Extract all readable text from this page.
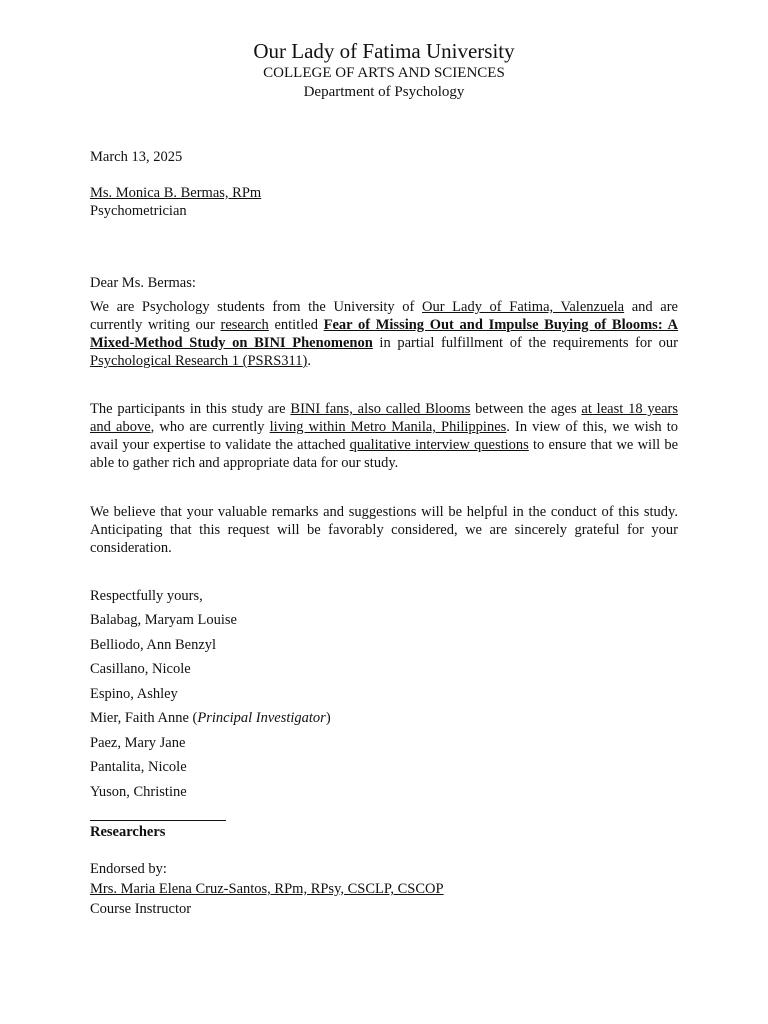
Our Lady of Fatima University
COLLEGE OF ARTS AND SCIENCES
Department of Psychology
March 13, 2025
Ms. Monica B. Bermas, RPm
Psychometrician
Dear Ms. Bermas:
We are Psychology students from the University of Our Lady of Fatima, Valenzuela and are currently writing our research entitled Fear of Missing Out and Impulse Buying of Blooms: A Mixed-Method Study on BINI Phenomenon in partial fulfillment of the requirements for our Psychological Research 1 (PSRS311).
The participants in this study are BINI fans, also called Blooms between the ages at least 18 years and above, who are currently living within Metro Manila, Philippines. In view of this, we wish to avail your expertise to validate the attached qualitative interview questions to ensure that we will be able to gather rich and appropriate data for our study.
We believe that your valuable remarks and suggestions will be helpful in the conduct of this study. Anticipating that this request will be favorably considered, we are sincerely grateful for your consideration.
Respectfully yours,
Balabag, Maryam Louise
Belliodo, Ann Benzyl
Casillano, Nicole
Espino, Ashley
Mier, Faith Anne (Principal Investigator)
Paez, Mary Jane
Pantalita, Nicole
Yuson, Christine
Researchers
Endorsed by:
Mrs. Maria Elena Cruz-Santos, RPm, RPsy, CSCLP, CSCOP
Course Instructor
